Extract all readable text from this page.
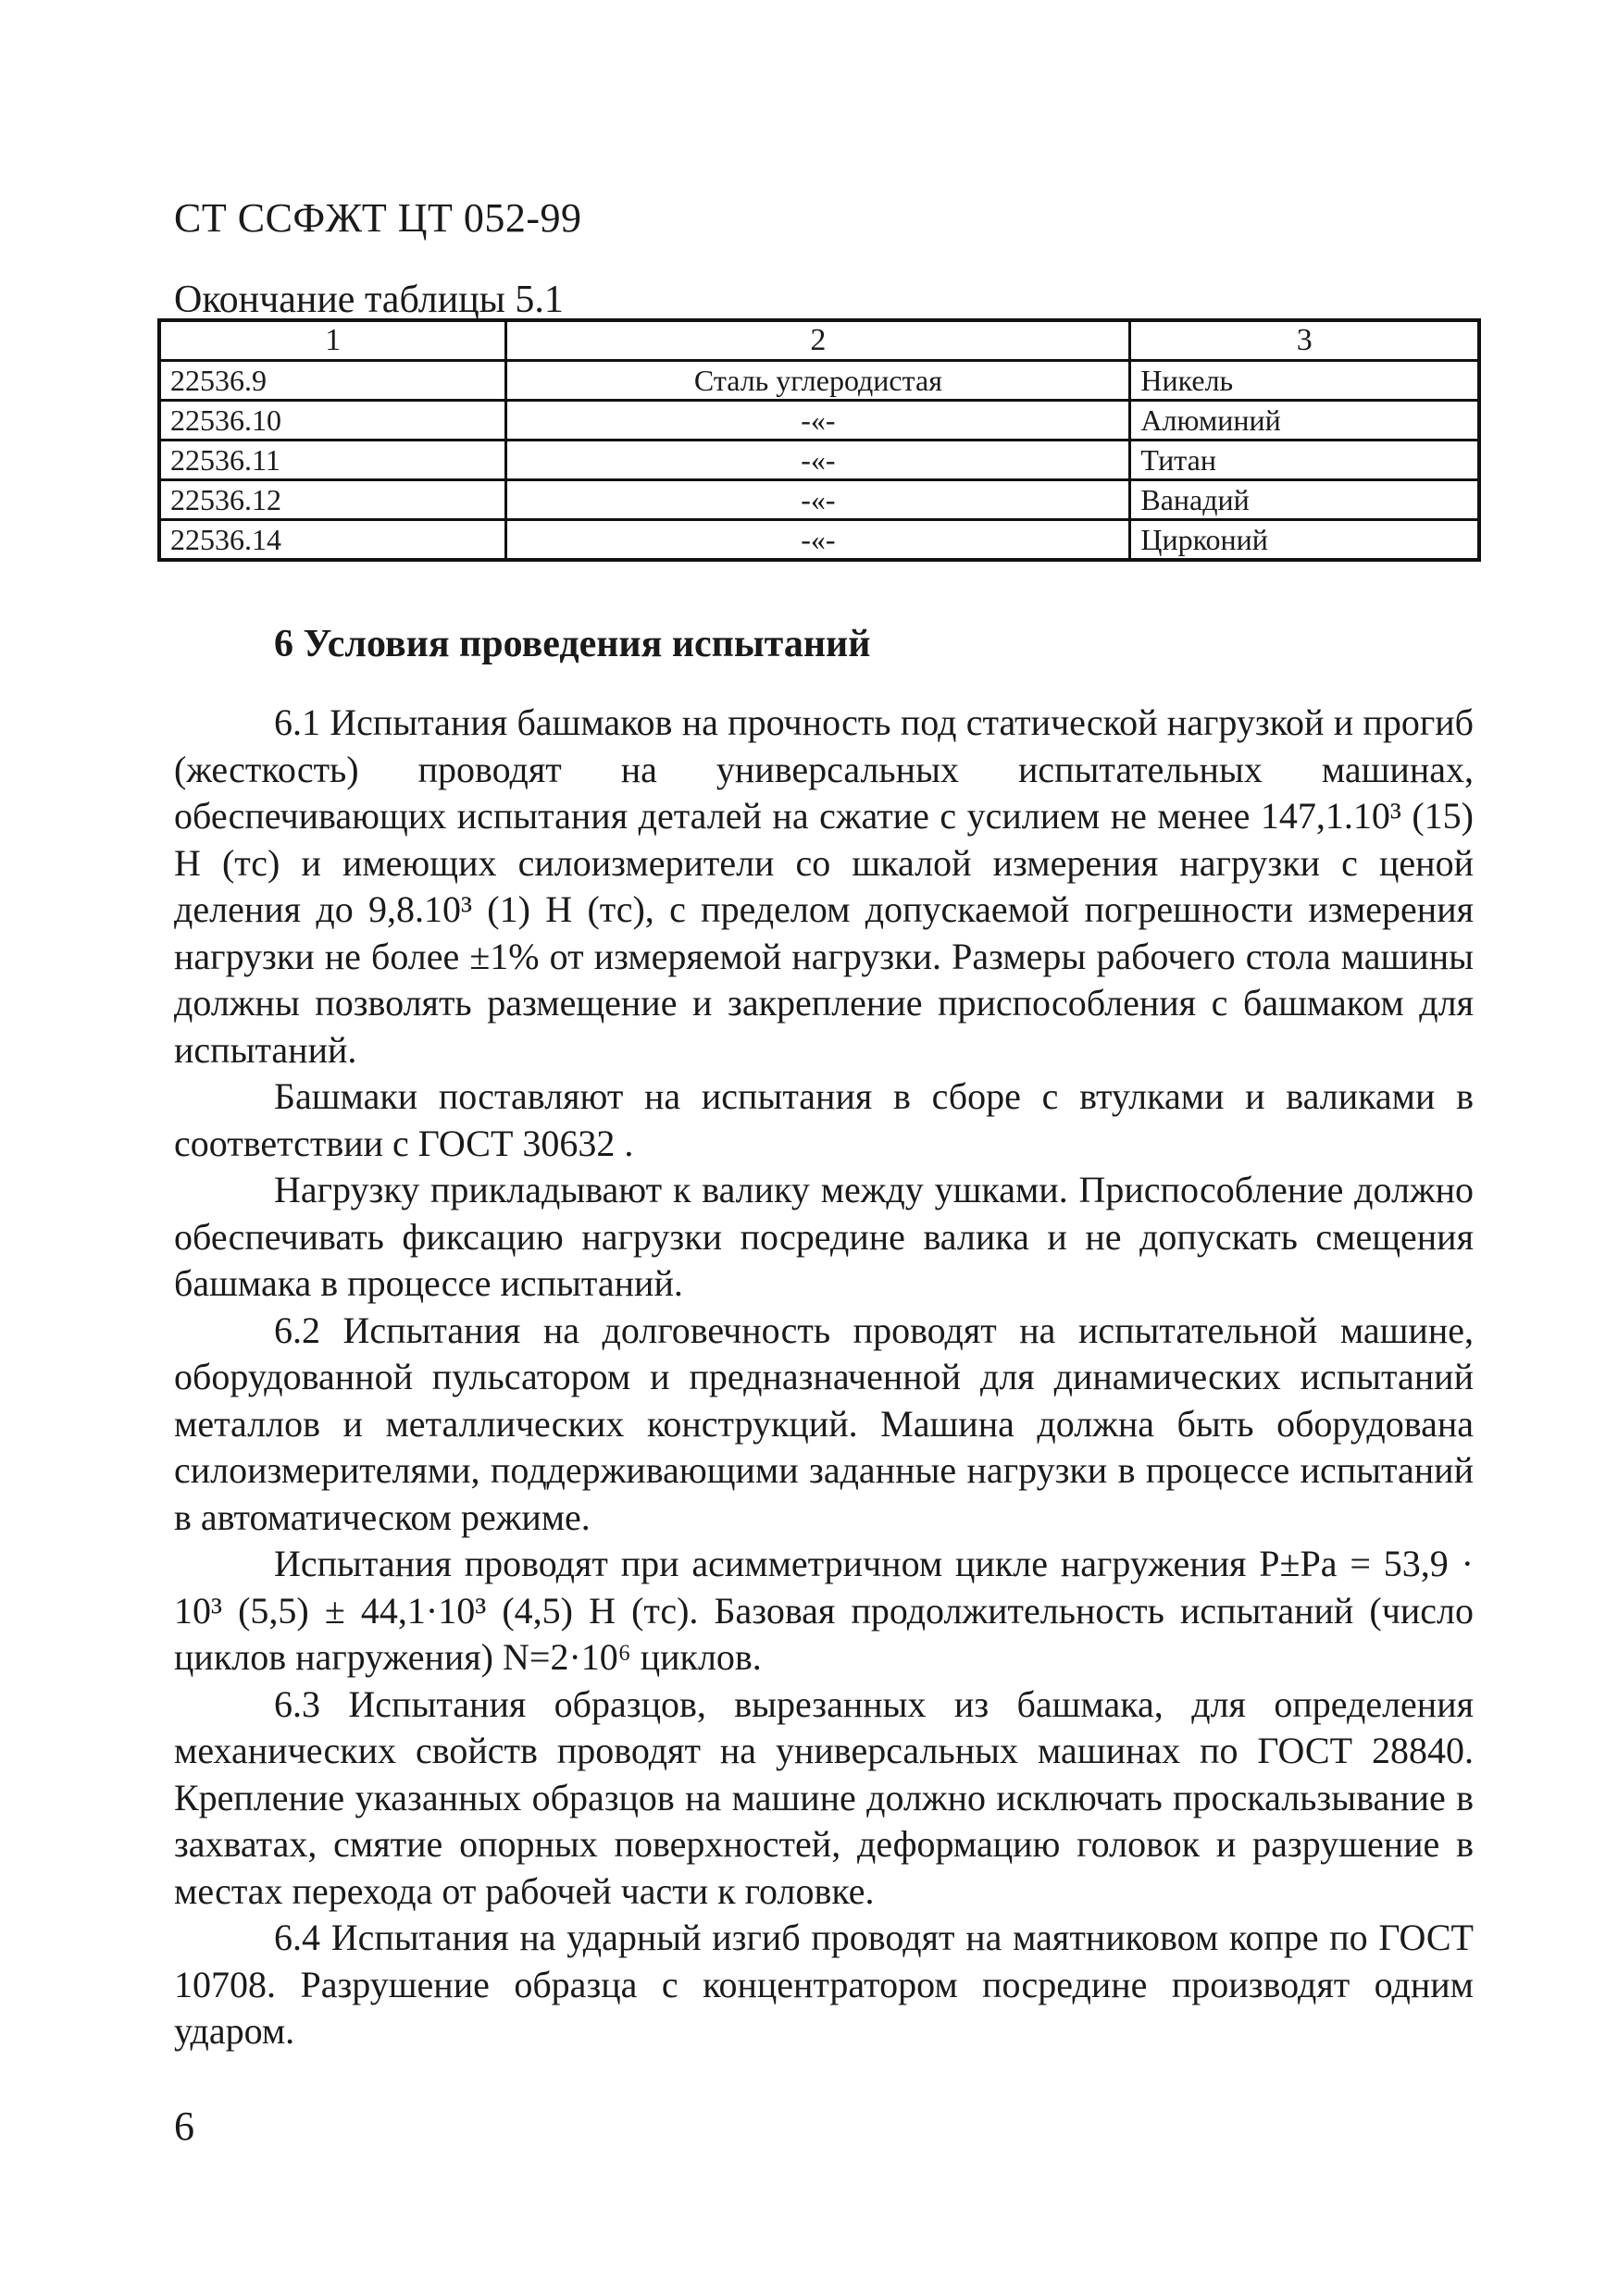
СТ ССФЖТ ЦТ 052-99
Окончание таблицы 5.1
1	2	3
22536.9	Сталь углеродистая	Никель
22536.10	-«-	Алюминий
22536.11	-«-	Титан
22536.12	-«-	Ванадий
22536.14	-«-	Цирконий
6 Условия проведения испытаний

6.1 Испытания башмаков на прочность под статической нагрузкой и прогиб (жесткость) проводят на универсальных испытательных машинах, обеспечивающих испытания деталей на сжатие с усилием не менее 147,1.10³ (15) Н (тс) и имеющих силоизмерители со шкалой измерения нагрузки с ценой деления до 9,8.10³ (1) Н (тс), с пределом допускаемой погрешности измерения нагрузки не более ±1% от измеряемой нагрузки. Размеры рабочего стола машины должны позволять размещение и закрепление приспособления с башмаком для испытаний.

Башмаки поставляют на испытания в сборе с втулками и валиками в соответствии с ГОСТ 30632 .

Нагрузку прикладывают к валику между ушками. Приспособление должно обеспечивать фиксацию нагрузки посредине валика и не допускать смещения башмака в процессе испытаний.

6.2 Испытания на долговечность проводят на испытательной машине, оборудованной пульсатором и предназначенной для динамических испытаний металлов и металлических конструкций. Машина должна быть оборудована силоизмерителями, поддерживающими заданные нагрузки в процессе испытаний в автоматическом режиме.

Испытания проводят при асимметричном цикле нагружения P±Pa = 53,9 · 10³ (5,5) ± 44,1·10³ (4,5) Н (тс). Базовая продолжительность испытаний (число циклов нагружения) N=2·10⁶ циклов.

6.3 Испытания образцов, вырезанных из башмака, для определения механических свойств проводят на универсальных машинах по ГОСТ 28840. Крепление указанных образцов на машине должно исключать проскальзывание в захватах, смятие опорных поверхностей, деформацию головок и разрушение в местах перехода от рабочей части к головке.

6.4 Испытания на ударный изгиб проводят на маятниковом копре по ГОСТ 10708. Разрушение образца с концентратором посредине производят одним ударом.

6
